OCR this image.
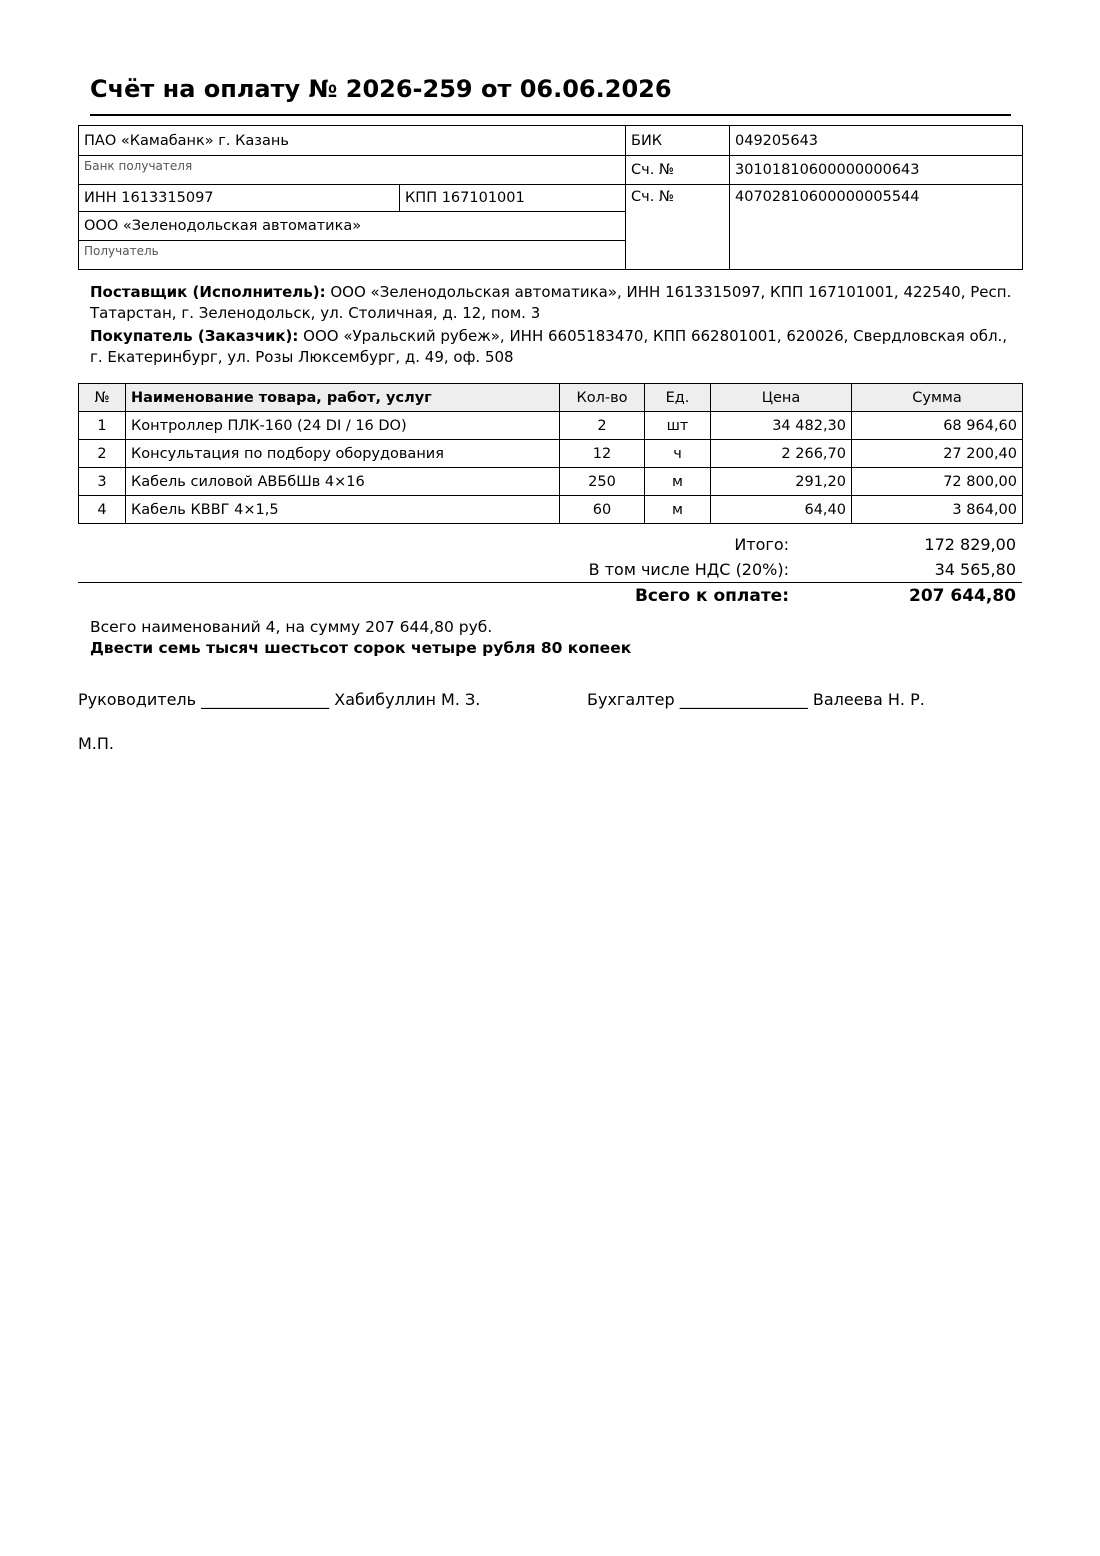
Счёт на оплату № 2026-259 от 06.06.2026
ПАО «Камабанк» г. Казань		БИК	049205643
Банк получателя		Сч. №	30101810600000000643
ИНН 1613315097	КПП 167101001	Сч. №	40702810600000005544
ООО «Зеленодольская автоматика»			
Получатель			

Поставщик (Исполнитель): ООО «Зеленодольская автоматика», ИНН 1613315097, КПП 167101001, 422540, Респ. Татарстан, г. Зеленодольск, ул. Столичная, д. 12, пом. 3

Покупатель (Заказчик): ООО «Уральский рубеж», ИНН 6605183470, КПП 662801001, 620026, Свердловская обл., г. Екатеринбург, ул. Розы Люксембург, д. 49, оф. 508

№	Наименование товара, работ, услуг	Кол-во	Ед.	Цена	Сумма
1	Контроллер ПЛК-160 (24 DI / 16 DO)	2	шт	34 482,30	68 964,60
2	Консультация по подбору оборудования	12	ч	2 266,70	27 200,40
3	Кабель силовой АВБбШв 4×16	250	м	291,20	72 800,00
4	Кабель КВВГ 4×1,5	60	м	64,40	3 864,00
Итого:	172 829,00
В том числе НДС (20%):	34 565,80
Всего к оплате:	207 644,80
Всего наименований 4, на сумму 207 644,80 руб.
Двести семь тысяч шестьсот сорок четыре рубля 80 копеек
Руководитель ________________ Хабибуллин М. З.	Бухгалтер ________________ Валеева Н. Р.
М.П.
